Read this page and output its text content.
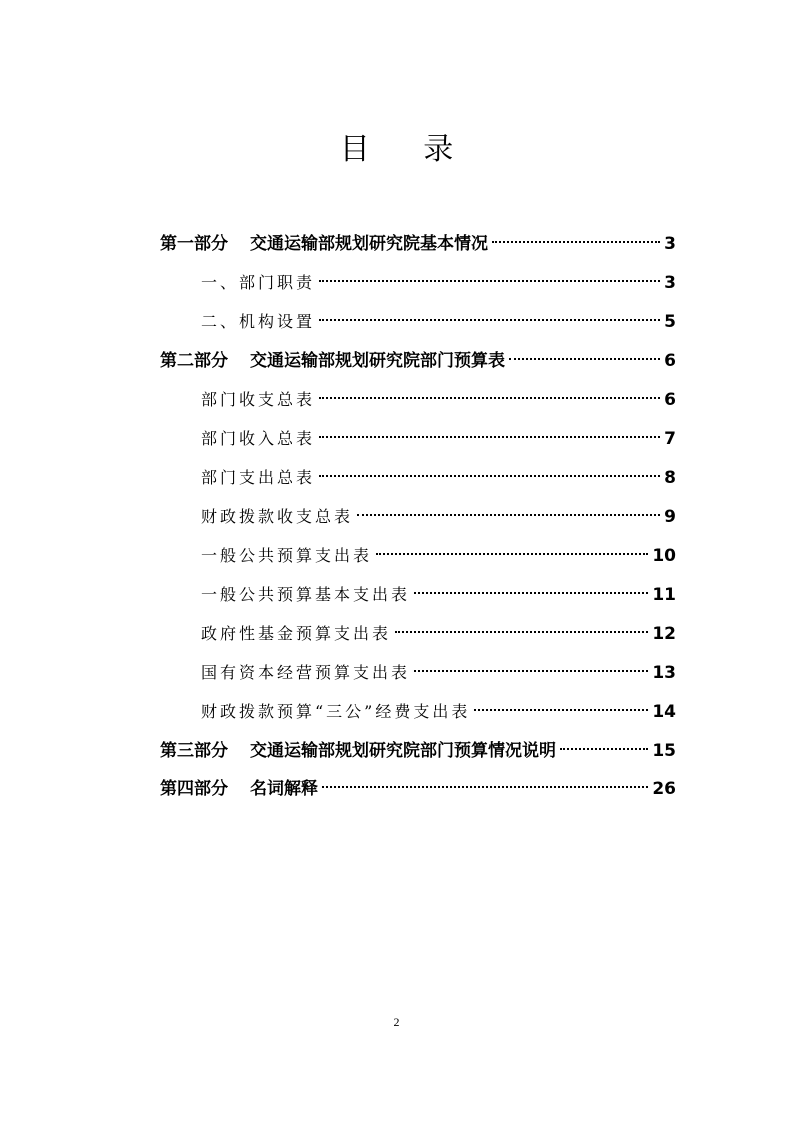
目 录
第一部分 交通运输部规划研究院基本情况	3
一、部门职责	3
二、机构设置	5
第二部分 交通运输部规划研究院部门预算表	6
部门收支总表	6
部门收入总表	7
部门支出总表	8
财政拨款收支总表	9
一般公共预算支出表	10
一般公共预算基本支出表	11
政府性基金预算支出表	12
国有资本经营预算支出表	13
财政拨款预算“三公”经费支出表	14
第三部分 交通运输部规划研究院部门预算情况说明	15
第四部分 名词解释	26
2
